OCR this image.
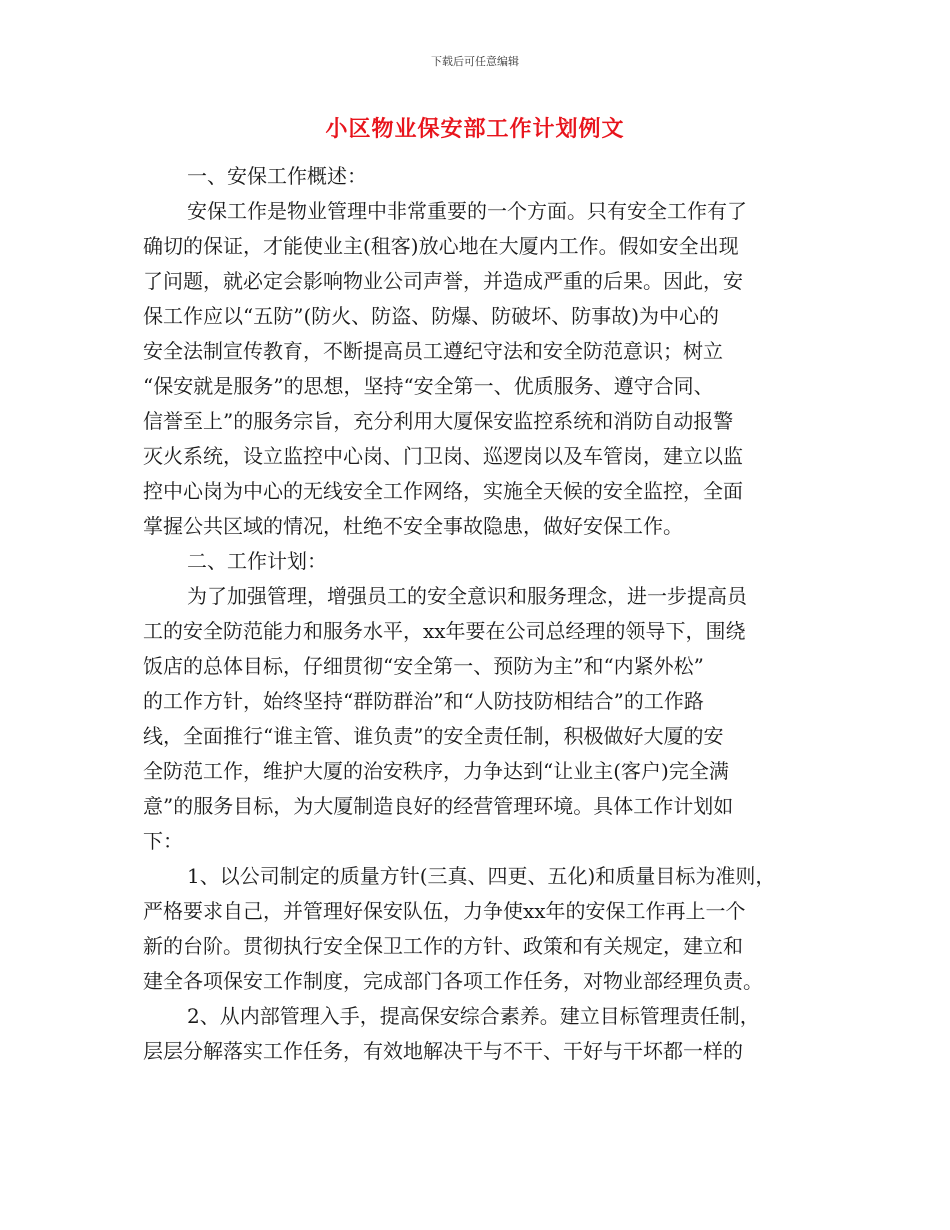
下载后可任意编辑
小区物业保安部工作计划例文
一、安保工作概述：
安保工作是物业管理中非常重要的一个方面。只有安全工作有了
确切的保证，才能使业主(租客)放心地在大厦内工作。假如安全出现
了问题，就必定会影响物业公司声誉，并造成严重的后果。因此，安
保工作应以“五防”(防火、防盗、防爆、防破坏、防事故)为中心的
安全法制宣传教育，不断提高员工遵纪守法和安全防范意识；树立
“保安就是服务”的思想，坚持“安全第一、优质服务、遵守合同、
信誉至上”的服务宗旨，充分利用大厦保安监控系统和消防自动报警
灭火系统，设立监控中心岗、门卫岗、巡逻岗以及车管岗，建立以监
控中心岗为中心的无线安全工作网络，实施全天候的安全监控，全面
掌握公共区域的情况，杜绝不安全事故隐患，做好安保工作。
二、工作计划：
为了加强管理，增强员工的安全意识和服务理念，进一步提高员
工的安全防范能力和服务水平，xx年要在公司总经理的领导下，围绕
饭店的总体目标，仔细贯彻“安全第一、预防为主”和“内紧外松”
的工作方针，始终坚持“群防群治”和“人防技防相结合”的工作路
线，全面推行“谁主管、谁负责”的安全责任制，积极做好大厦的安
全防范工作，维护大厦的治安秩序，力争达到“让业主(客户)完全满
意”的服务目标，为大厦制造良好的经营管理环境。具体工作计划如
下：
1、以公司制定的质量方针(三真、四更、五化)和质量目标为准则，
严格要求自己，并管理好保安队伍，力争使xx年的安保工作再上一个
新的台阶。贯彻执行安全保卫工作的方针、政策和有关规定，建立和
建全各项保安工作制度，完成部门各项工作任务，对物业部经理负责。
2、从内部管理入手，提高保安综合素养。建立目标管理责任制，
层层分解落实工作任务，有效地解决干与不干、干好与干坏都一样的
